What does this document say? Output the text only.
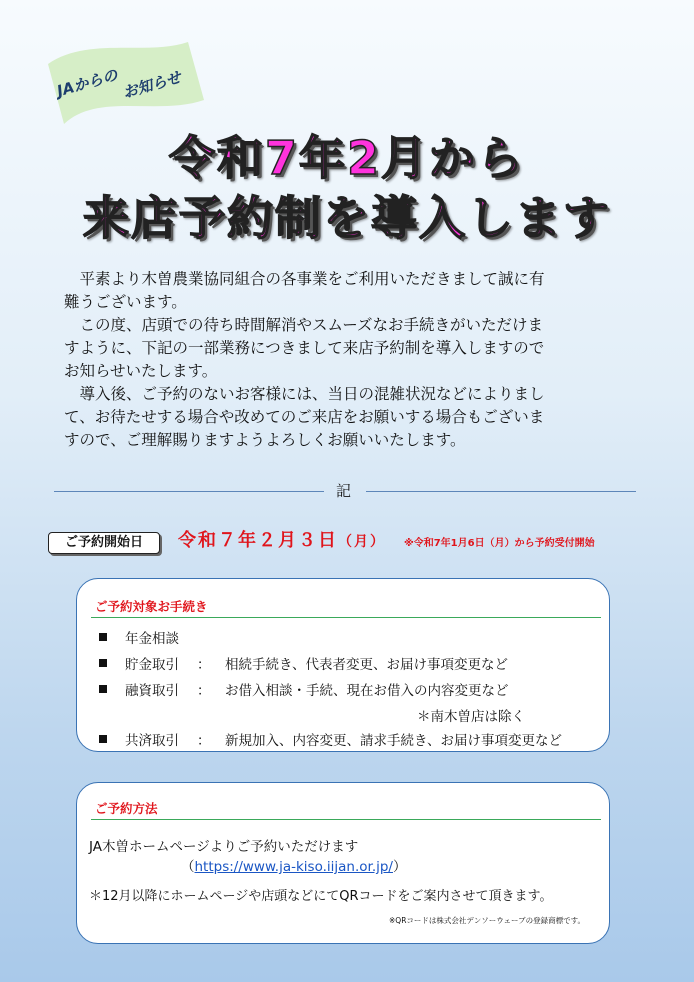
JAからの お知らせ
令和7年2月から
来店予約制を導入します

平素より木曽農業協同組合の各事業をご利用いただきまして誠に有
難うございます。

この度、店頭での待ち時間解消やスムーズなお手続きがいただけま
すように、下記の一部業務につきまして来店予約制を導入しますので
お知らせいたします。

導入後、ご予約のないお客様には、当日の混雑状況などによりまし
て、お待たせする場合や改めてのご来店をお願いする場合もございま
すので、ご理解賜りますようよろしくお願いいたします。

記
ご予約開始日	令和７年２月３日（月） ※令和7年1月6日（月）から予約受付開始
ご予約対象お手続き
年金相談
貯金取引 ： 相続手続き、代表者変更、お届け事項変更など
融資取引 ： お借入相談・手続、現在お借入の内容変更など
＊南木曽店は除く
共済取引 ： 新規加入、内容変更、請求手続き、お届け事項変更など
ご予約方法
JA木曽ホームページよりご予約いただけます
（https://www.ja-kiso.iijan.or.jp/）
＊12月以降にホームページや店頭などにてQRコードをご案内させて頂きます。
※QRコードは株式会社デンソーウェーブの登録商標です。
